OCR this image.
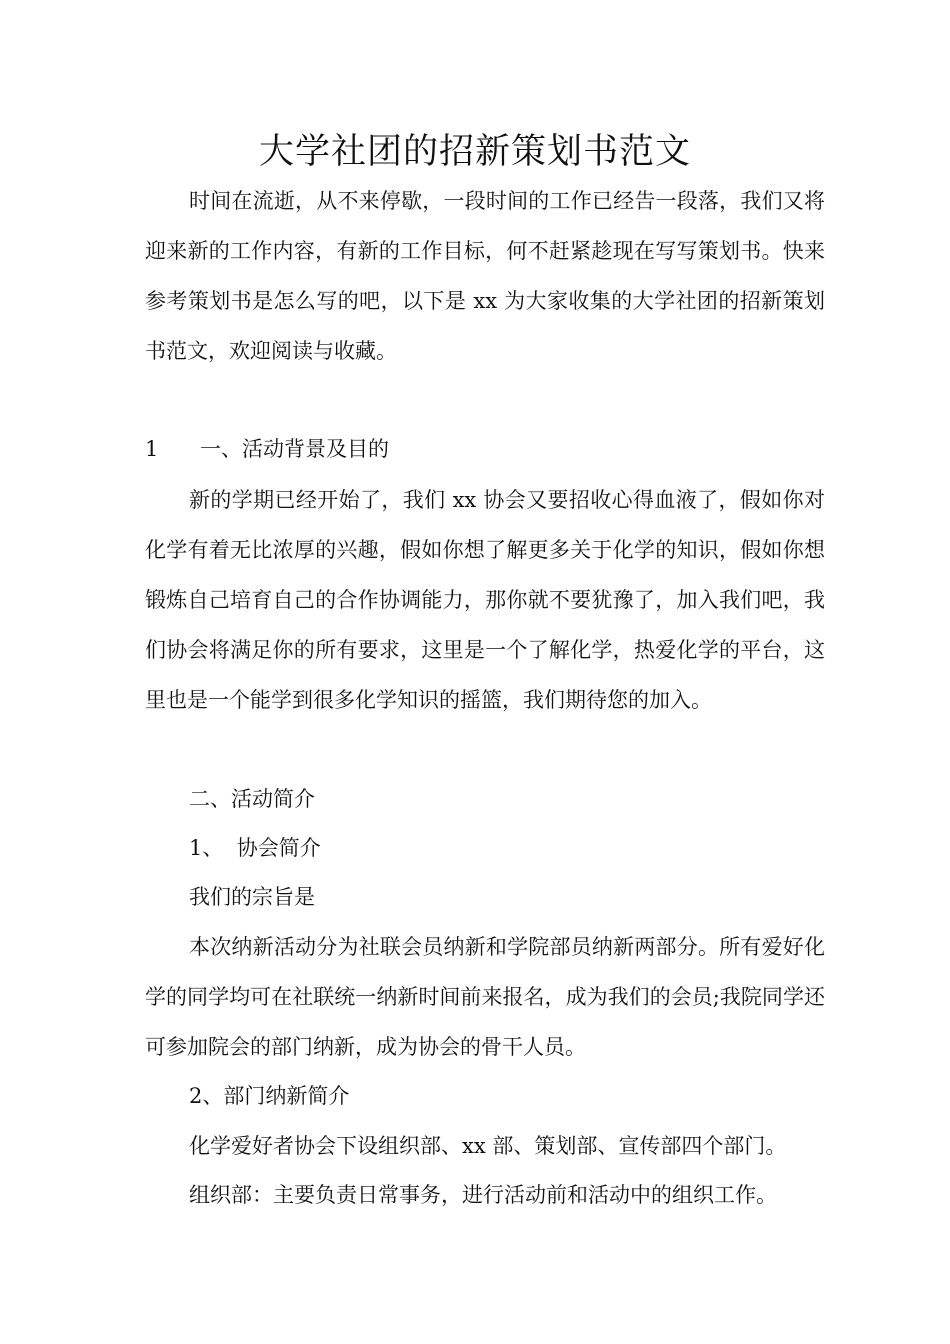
大学社团的招新策划书范文

时间在流逝，从不来停歇，一段时间的工作已经告一段落，我们又将迎来新的工作内容，有新的工作目标，何不赶紧趁现在写写策划书。快来参考策划书是怎么写的吧，以下是 xx 为大家收集的大学社团的招新策划书范文，欢迎阅读与收藏。

1 一、活动背景及目的

新的学期已经开始了，我们 xx 协会又要招收心得血液了，假如你对化学有着无比浓厚的兴趣，假如你想了解更多关于化学的知识，假如你想锻炼自己培育自己的合作协调能力，那你就不要犹豫了，加入我们吧，我们协会将满足你的所有要求，这里是一个了解化学，热爱化学的平台，这里也是一个能学到很多化学知识的摇篮，我们期待您的加入。

二、活动简介

1、  协会简介

我们的宗旨是

本次纳新活动分为社联会员纳新和学院部员纳新两部分。所有爱好化学的同学均可在社联统一纳新时间前来报名，成为我们的会员;我院同学还可参加院会的部门纳新，成为协会的骨干人员。

2、部门纳新简介

化学爱好者协会下设组织部、xx 部、策划部、宣传部四个部门。

组织部：主要负责日常事务，进行活动前和活动中的组织工作。
